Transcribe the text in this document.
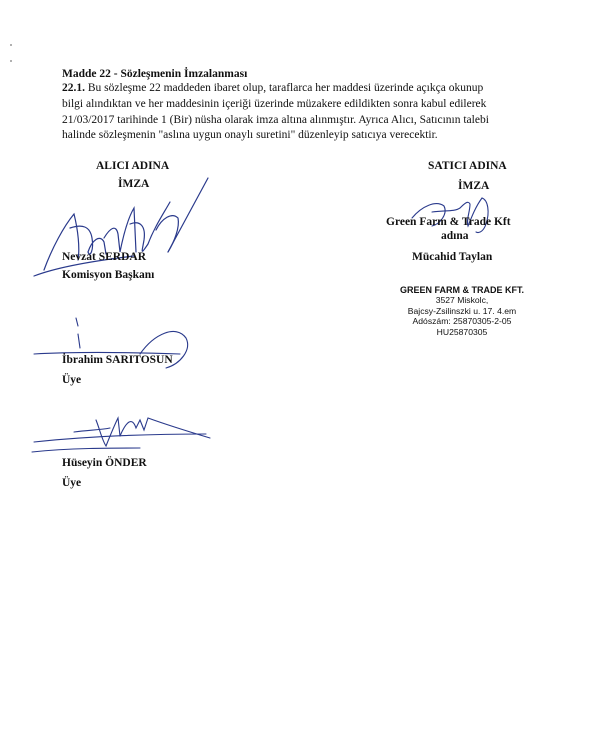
Madde 22 - Sözleşmenin İmzalanması
22.1. Bu sözleşme 22 maddeden ibaret olup, taraflarca her maddesi üzerinde açıkça okunup
bilgi alındıktan ve her maddesinin içeriği üzerinde müzakere edildikten sonra kabul edilerek
21/03/2017 tarihinde 1 (Bir) nüsha olarak imza altına alınmıştır. Ayrıca Alıcı, Satıcının talebi
halinde sözleşmenin "aslına uygun onaylı suretini" düzenleyip satıcıya verecektir.
ALICI ADINA
İMZA
Nevzat SERDAR
Komisyon Başkanı
İbrahim SARITOSUN
Üye
Hüseyin ÖNDER
Üye
SATICI ADINA
İMZA
Green Farm & Trade Kft
adına
Mücahid Taylan
GREEN FARM & TRADE KFT.
3527 Miskolc,
Bajcsy-Zsilinszki u. 17. 4.em
Adószám: 25870305-2-05
HU25870305
